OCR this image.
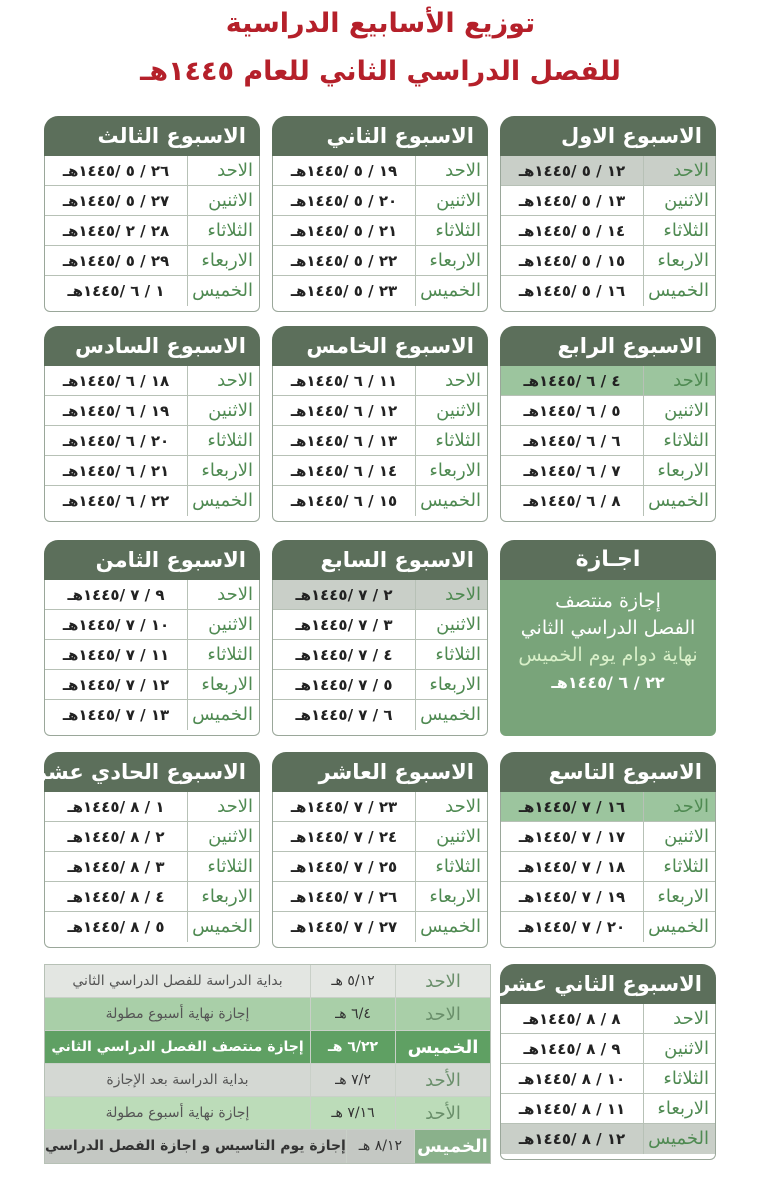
توزيع الأسابيع الدراسية
للفصل الدراسي الثاني للعام ١٤٤٥هـ
الاسبوع الاول
الاحد
١٢ / ٥ /١٤٤٥هـ
الاثنين
١٣ / ٥ /١٤٤٥هـ
الثلاثاء
١٤ / ٥ /١٤٤٥هـ
الاربعاء
١٥ / ٥ /١٤٤٥هـ
الخميس
١٦ / ٥ /١٤٤٥هـ
الاسبوع الثاني
الاحد
١٩ / ٥ /١٤٤٥هـ
الاثنين
٢٠ / ٥ /١٤٤٥هـ
الثلاثاء
٢١ / ٥ /١٤٤٥هـ
الاربعاء
٢٢ / ٥ /١٤٤٥هـ
الخميس
٢٣ / ٥ /١٤٤٥هـ
الاسبوع الثالث
الاحد
٢٦ / ٥ /١٤٤٥هـ
الاثنين
٢٧ / ٥ /١٤٤٥هـ
الثلاثاء
٢٨ / ٢ /١٤٤٥هـ
الاربعاء
٢٩ / ٥ /١٤٤٥هـ
الخميس
١ / ٦ /١٤٤٥هـ
الاسبوع الرابع
الاحد
٤ / ٦ /١٤٤٥هـ
الاثنين
٥ / ٦ /١٤٤٥هـ
الثلاثاء
٦ / ٦ /١٤٤٥هـ
الاربعاء
٧ / ٦ /١٤٤٥هـ
الخميس
٨ / ٦ /١٤٤٥هـ
الاسبوع الخامس
الاحد
١١ / ٦ /١٤٤٥هـ
الاثنين
١٢ / ٦ /١٤٤٥هـ
الثلاثاء
١٣ / ٦ /١٤٤٥هـ
الاربعاء
١٤ / ٦ /١٤٤٥هـ
الخميس
١٥ / ٦ /١٤٤٥هـ
الاسبوع السادس
الاحد
١٨ / ٦ /١٤٤٥هـ
الاثنين
١٩ / ٦ /١٤٤٥هـ
الثلاثاء
٢٠ / ٦ /١٤٤٥هـ
الاربعاء
٢١ / ٦ /١٤٤٥هـ
الخميس
٢٢ / ٦ /١٤٤٥هـ
الاسبوع السابع
الاحد
٢ / ٧ /١٤٤٥هـ
الاثنين
٣ / ٧ /١٤٤٥هـ
الثلاثاء
٤ / ٧ /١٤٤٥هـ
الاربعاء
٥ / ٧ /١٤٤٥هـ
الخميس
٦ / ٧ /١٤٤٥هـ
الاسبوع الثامن
الاحد
٩ / ٧ /١٤٤٥هـ
الاثنين
١٠ / ٧ /١٤٤٥هـ
الثلاثاء
١١ / ٧ /١٤٤٥هـ
الاربعاء
١٢ / ٧ /١٤٤٥هـ
الخميس
١٣ / ٧ /١٤٤٥هـ
الاسبوع التاسع
الاحد
١٦ / ٧ /١٤٤٥هـ
الاثنين
١٧ / ٧ /١٤٤٥هـ
الثلاثاء
١٨ / ٧ /١٤٤٥هـ
الاربعاء
١٩ / ٧ /١٤٤٥هـ
الخميس
٢٠ / ٧ /١٤٤٥هـ
الاسبوع العاشر
الاحد
٢٣ / ٧ /١٤٤٥هـ
الاثنين
٢٤ / ٧ /١٤٤٥هـ
الثلاثاء
٢٥ / ٧ /١٤٤٥هـ
الاربعاء
٢٦ / ٧ /١٤٤٥هـ
الخميس
٢٧ / ٧ /١٤٤٥هـ
الاسبوع الحادي عشر
الاحد
١ / ٨ /١٤٤٥هـ
الاثنين
٢ / ٨ /١٤٤٥هـ
الثلاثاء
٣ / ٨ /١٤٤٥هـ
الاربعاء
٤ / ٨ /١٤٤٥هـ
الخميس
٥ / ٨ /١٤٤٥هـ
الاسبوع الثاني عشر
الاحد
٨ / ٨ /١٤٤٥هـ
الاثنين
٩ / ٨ /١٤٤٥هـ
الثلاثاء
١٠ / ٨ /١٤٤٥هـ
الاربعاء
١١ / ٨ /١٤٤٥هـ
الخميس
١٢ / ٨ /١٤٤٥هـ
اجـازة
إجازة منتصف
الفصل الدراسي الثاني
نهاية دوام يوم الخميس
٢٢ / ٦ /١٤٤٥هـ
الاحد
٥/١٢ هـ
بداية الدراسة للفصل الدراسي الثاني
الاحد
٦/٤ هـ
إجازة نهاية أسبوع مطولة
الخميس
٦/٢٢ هـ
إجازة منتصف الفصل الدراسي الثاني
الأحد
٧/٢ هـ
بداية الدراسة بعد الإجازة
الأحد
٧/١٦ هـ
إجازة نهاية أسبوع مطولة
الخميس
٨/١٢ هـ
إجازة يوم التاسيس و اجازة الفصل الدراسي
